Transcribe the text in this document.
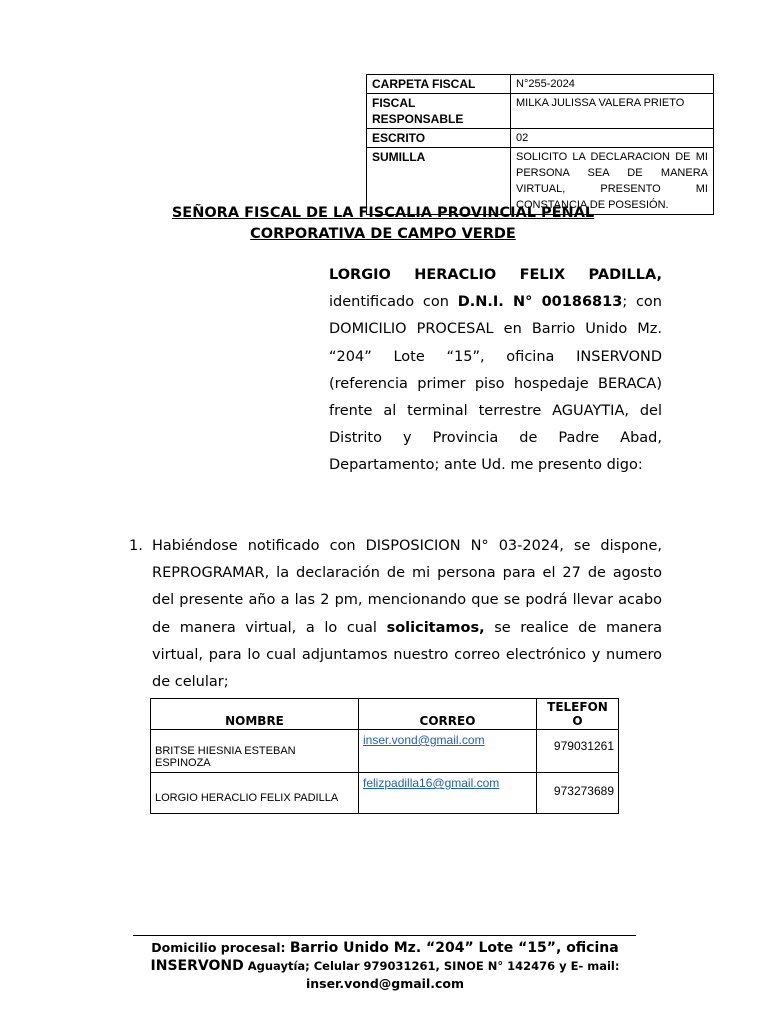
CARPETA FISCAL	N°255-2024
FISCAL RESPONSABLE	MILKA JULISSA VALERA PRIETO
ESCRITO	02
SUMILLA	SOLICITO LA DECLARACION DE MI PERSONA SEA DE MANERA VIRTUAL, PRESENTO MI CONSTANCIA DE POSESIÓN.
SEÑORA FISCAL DE LA FISCALIA PROVINCIAL PENAL
CORPORATIVA DE CAMPO VERDE
LORGIO HERACLIO FELIX PADILLA,
identificado con D.N.I. N° 00186813; con
DOMICILIO PROCESAL en Barrio Unido Mz.
“204” Lote “15”, oficina INSERVOND
(referencia primer piso hospedaje BERACA)
frente al terminal terrestre AGUAYTIA, del
Distrito y Provincia de Padre Abad,
Departamento; ante Ud. me presento digo:
1. Habiéndose notificado con DISPOSICION N° 03-2024, se dispone, REPROGRAMAR, la declaración de mi persona para el 27 de agosto del presente año a las 2 pm, mencionando que se podrá llevar acabo de manera virtual, a lo cual solicitamos, se realice de manera virtual, para lo cual adjuntamos nuestro correo electrónico y numero de celular;
NOMBRE	CORREO	TELEFON O

BRITSE HIESNIA ESTEBAN ESPINOZA	inser.vond@gmail.com	979031261

LORGIO HERACLIO FELIX PADILLA	felizpadilla16@gmail.com	973273689
Domicilio procesal: Barrio Unido Mz. “204” Lote “15”, oficina INSERVOND Aguaytía; Celular 979031261, SINOE N° 142476 y E- mail:
inser.vond@gmail.com
